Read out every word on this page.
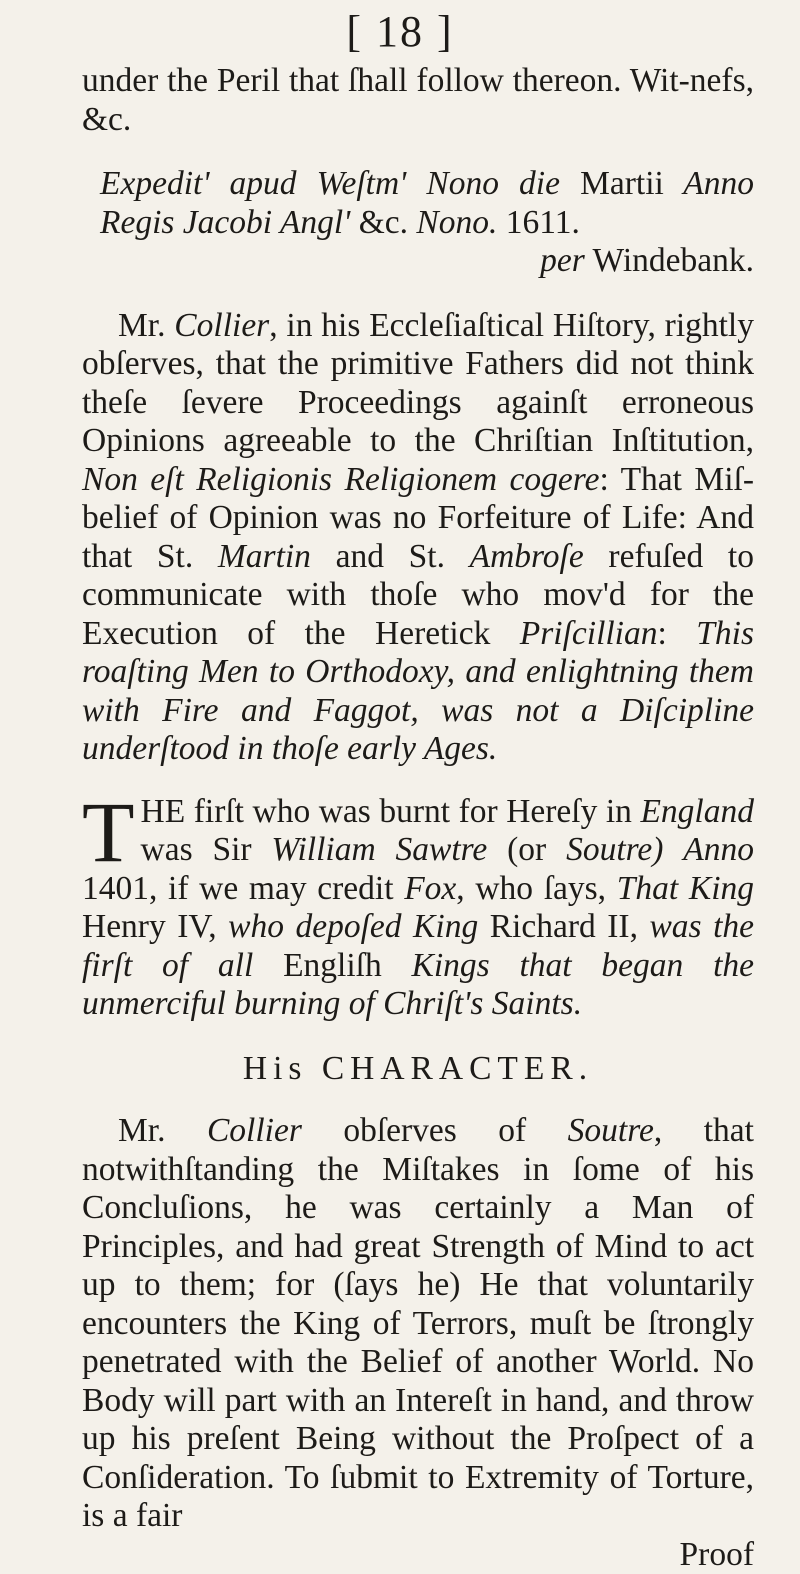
[ 18 ]

under the Peril that ſhall follow thereon. Wit-nefs, &c.

Expedit' apud Weſtm' Nono die Martii Anno Regis Jacobi Angl' &c. Nono. 1611.

per Windebank.

Mr. Collier, in his Eccleſiaſtical Hiſtory, rightly obſerves, that the primitive Fathers did not think theſe ſevere Proceedings againſt erroneous Opinions agreeable to the Chriſtian Inſtitution, Non eſt Religionis Religionem cogere: That Miſ-belief of Opinion was no Forfeiture of Life: And that St. Martin and St. Ambroſe refuſed to communicate with thoſe who mov'd for the Execution of the Heretick Priſcillian: This roaſting Men to Orthodoxy, and enlightning them with Fire and Faggot, was not a Diſcipline underſtood in thoſe early Ages.

THE firſt who was burnt for Hereſy in England was Sir William Sawtre (or Soutre) Anno 1401, if we may credit Fox, who ſays, That King Henry IV, who depoſed King Richard II, was the firſt of all Engliſh Kings that began the unmerciful burning of Chriſt's Saints.

His CHARACTER.

Mr. Collier obſerves of Soutre, that notwithſtanding the Miſtakes in ſome of his Concluſions, he was certainly a Man of Principles, and had great Strength of Mind to act up to them; for (ſays he) He that voluntarily encounters the King of Terrors, muſt be ſtrongly penetrated with the Belief of another World. No Body will part with an Intereſt in hand, and throw up his preſent Being without the Proſpect of a Conſideration. To ſubmit to Extremity of Torture, is a fair

Proof
